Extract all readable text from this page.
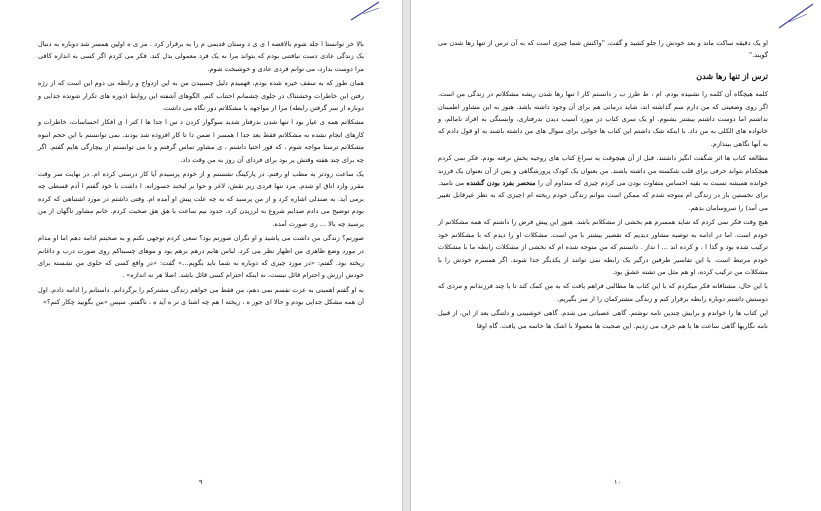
بالا خر توانستا ا جلد شوم بالاقصه ا ی ی د وستان قدیمی م را به برقرار کرد . مر ی ه اولین همسر شد دوباره به دنبال یک زندگی عادی دست نیافتنی بودم که بتواند مرا به یک فرد معمولی بدل کند. فکر می کردم اگر کسی به اندازه کافی مرا دوست بدارد، می توانم فردی عادی و خوشبخت شوم.

همان طور که به سقف خیره شده بودم، فهمیدم دلیل چسبیدن من به این ازدواج و رابطه بی دوم این است که از رژه رفتن این خاطرات وحشتناک در جلوی چشمانم اجتناب کنم. الگوهای آشفته این روابط (دوره های تکرار شونده جدایی و دوباره از سر گرفتن رابطه) مرا از مواجهه با مشکلاتم دور نگاه می داشت.

مشکلاتم همه ی عیار بود ا تنها شدن بدرفتار شدید سوگوار کردن د س ا جدا ها ا کتر ا ی افکار احساسات، خاطرات و کارهای انجام نشده به مشکلاتم فقط بعد جدا ا همسر ا ضمن دا تا کار افزوده شد بودند. نمی توانستم با این حجم انبوه مشکلاتم ترستا مواجه شوم ، که فور احتیا داشتم ، ی مشاور تماس گرفتم و تا می توانستم از بیچارگی هایم گفتم. اگر چه برای چند هفته وقتش پر بود برای فردای آن روز به من وقت داد.

یک ساعت زودتر به مطب او رفتم. در پارکینگ نشستم و از خودم پرسیدم آیا کار درستی کرده ام. در نهایت سر وقت مقرر وارد اتاق او شدم. مرد تنها فردی ریز نقش، لاغر و حوا بر لبخند جسورانه. ا داشت با خود گفتم ا آدم قسطی چه برمی آید. به صندلی اشاره کرد و از من پرسید که به چه علت پیش او آمده ام. وقتی داشتم در مورد اشتباهی که کرده بودم توضیح می دادم صدایم شروع به لرزیدن کرد. حدود نیم ساعت با هق هق صحبت کردم. خانم مشاور ناگهان از من پرسید چه بالا ... ری صورت آمده.

صورتم؟ زندگی من داشت می پاشید و او نگران صورتم بود؟ سعی کردم توجهی نکنم و به صحبتم ادامه دهم اما او مدام در مورد وضع ظاهری من اظهار نظر می کرد. لباس هایم درهم برهم بود و موهای چسبناکم روی صورت درب و داغانم ریخته بود. گفتم: «در مورد چیزی که دوباره به شما باید بگویم...» گفت: «در واقع کسی که جلوی من نشسته برای خودش ارزش و احترام قائل نیست، نه اینکه احترام کسی قائل باشد. اصلا هر نه اندازه» .

به او گفتم اهمیتی به عزت نفسم نمی دهم، من فقط می خواهم زندگی مشترکم را برگردانم. داستانم را ادامه دادم. اول آن همه مشکل جدایی بودم و حالا ای جور ه ، ریخته ا هم چه اشنا ی تر ه آید ه ، ناگفتم. سپس «من بگویید چکار کنم؟»

۹

او یک دقیقه ساکت ماند و بعد خودش را جلو کشید و گفت، "واکنش شما چیزی است که به آن ترس از تنها رها شدن می گویند."

ترس از تنها رها شدن

کلمه هیچگاه آن کلمه را نشنیده بودم. ام ، ط طرز ب ر دانستم کار ا تنها رها شدن ریشه مشکلاتم در زندگی من است. اگر روی وضعیتی که من دارم سم گذاشته اند، شاید درمانی هم برای آن وجود داشته باشد. هنوز به این مشاور اطمینان نداشتم اما دوست داشتم بیشتر بشنوم. او یک سری کتاب در مورد آسیب دیدن بدرفتاری، وابستگی به افراد نامالم، و خانواده های الکلی به من داد. با اینکه شک داشتم این کتاب ها جوابی برای سوال های من داشته باشند به او قول دادم که به آنها نگاهی بیندازم.

مطالعه کتاب ها اثر شگفت انگیز داشتند. قبل از آن هیچوقت به سراغ کتاب های روحیه بخش نرفته بودم. فکر نمی کردم هیچکدام بتواند حرفی برای قلب شکسته من داشته باشند. من بعنوان یک کودک پرورشگاهی و پس از آن بعنوان یک فرزند خوانده همیشه نسبت به بقیه احساس متفاوت بودن می کردم چیزی که متداوم آن را منحصر بفرد بودن گشنده می نامید. برای نخستین بار در زندگی ام متوجه شدم که ممکن است بتوانم زندگی خودم ریخته ام (چیزی که به نظر غیرقابل تغییر می آمد) را سروسامان بدهم.

هیچ وقت فکر نمی کردم که شاید همسرم هم بخشی از مشکلاتم باشد. هنوز این پیش فرض را داشتم که همه مشکلاتم از خودم است. اما در ادامه به توصیه مشاور دیدیم که تقصیر بیشتر با من است. مشکلات او را دیدم که با مشکلاتم خود ترکیب شده بود و گذا ا ، و کرده اند ... ا نداز . دانستم که من متوجه شده ام که بخشی از مشکلات رابطه ما با مشکلات خودم مرتبط است. با این تفاسیر طرفین درگیر یک رابطه نمی توانند از یکدیگر جدا شوند. اگر همسرم خودش را با مشکلات من ترکیب کرده، او هم مثل من تشنه عشق بود.

با این حال، مشتاقانه فکر میکردم که با این کتاب ها مطالبی فراهم یافت که به من کمک کند تا با چند فرزندانم و مردی که دوستش داشتم دوباره رابطه برقرار کنم و زندگی مشترکمان را از سر بگیریم.

این کتاب ها را خواندم و برایش چندین نامه نوشتم. گاهی عصبانی می شدم. گاهی خوشبینی و دلتنگی بعد از این، از قبیل نامه نگاریها گاهی ساعت ها با هم حرف می زدیم. این صحبت ها معمولا با اشک ها خاتمه می یافت. گاه اوقا

۱۰
